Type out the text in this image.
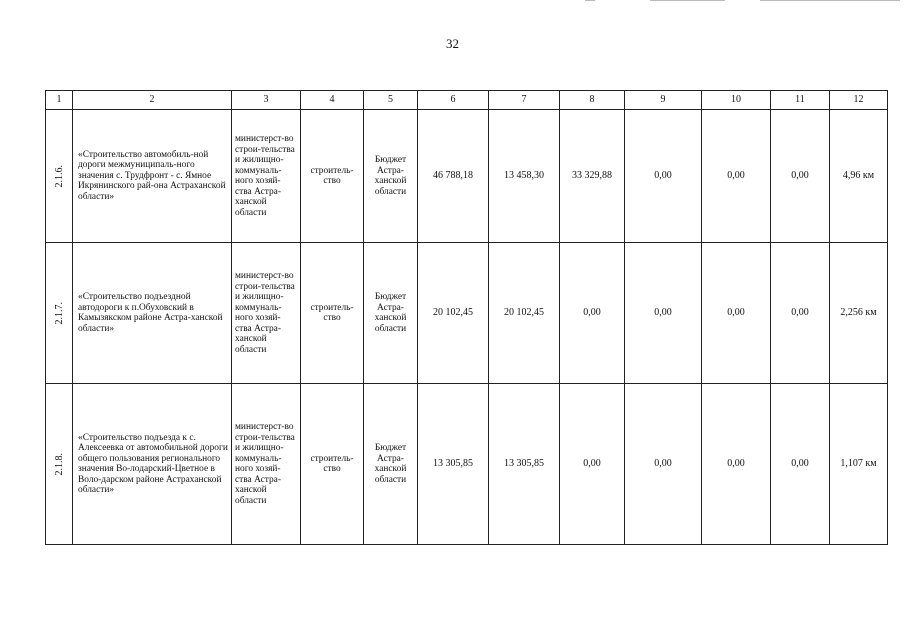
32
1	2	3	4	5	6	7	8	9	10	11	12
2.1.6.	«Строительство автомобиль-ной дороги межмуниципаль-ного значения с. Трудфронт - с. Ямное Икрянинского рай-она Астраханской области»	министерст-во строи-тельства и жилищно-коммуналь-ного хозяй-ства Астра-ханской области	строитель-ство	Бюджет Астра-ханской области	46 788,18	13 458,30	33 329,88	0,00	0,00	0,00	4,96 км
2.1.7.	«Строительство подъездной автодороги к п.Обуховский в Камызякском районе Астра-ханской области»	министерст-во строи-тельства и жилищно-коммуналь-ного хозяй-ства Астра-ханской области	строитель-ство	Бюджет Астра-ханской области	20 102,45	20 102,45	0,00	0,00	0,00	0,00	2,256 км
2.1.8.	«Строительство подъезда к с. Алексеевка от автомобильной дороги общего пользования регионального значения Во-лодарский-Цветное в Воло-дарском районе Астраханской области»	министерст-во строи-тельства и жилищно-коммуналь-ного хозяй-ства Астра-ханской области	строитель-ство	Бюджет Астра-ханской области	13 305,85	13 305,85	0,00	0,00	0,00	0,00	1,107 км
